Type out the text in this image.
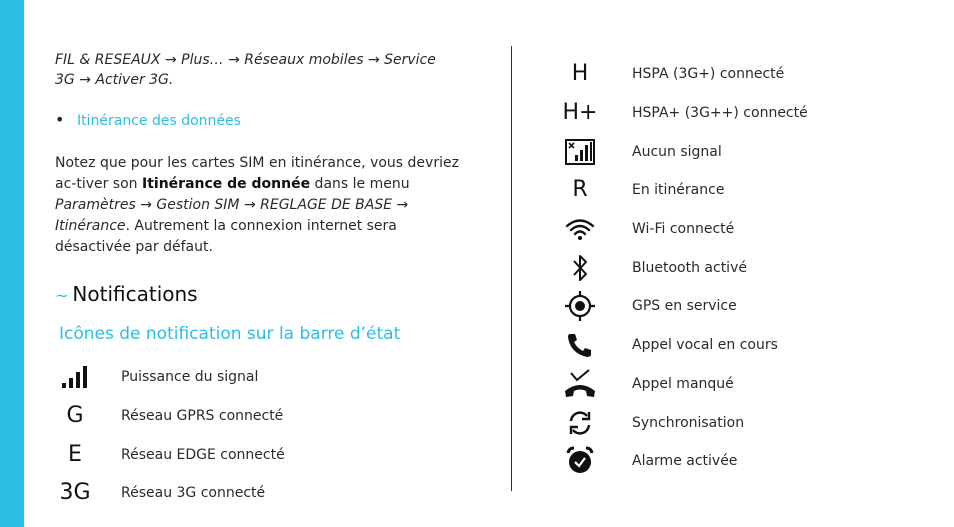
FIL & RESEAUX → Plus… → Réseaux mobiles → Service
3G → Activer 3G.
• Itinérance des données
Notez que pour les cartes SIM en itinérance, vous devriez ac-tiver son Itinérance de donnée dans le menu Paramètres → Gestion SIM → REGLAGE DE BASE → Itinérance. Autrement la connexion internet sera désactivée par défaut.
~ Notifications
Icônes de notification sur la barre d’état
Puissance du signal
G	Réseau GPRS connecté
E	Réseau EDGE connecté
3G Réseau 3G connecté
H	HSPA (3G+) connecté
H+ HSPA+ (3G++) connecté
Aucun signal
R	En itinérance
Wi-Fi connecté
Bluetooth activé
GPS en service
Appel vocal en cours
Appel manqué
Synchronisation
Alarme activée
